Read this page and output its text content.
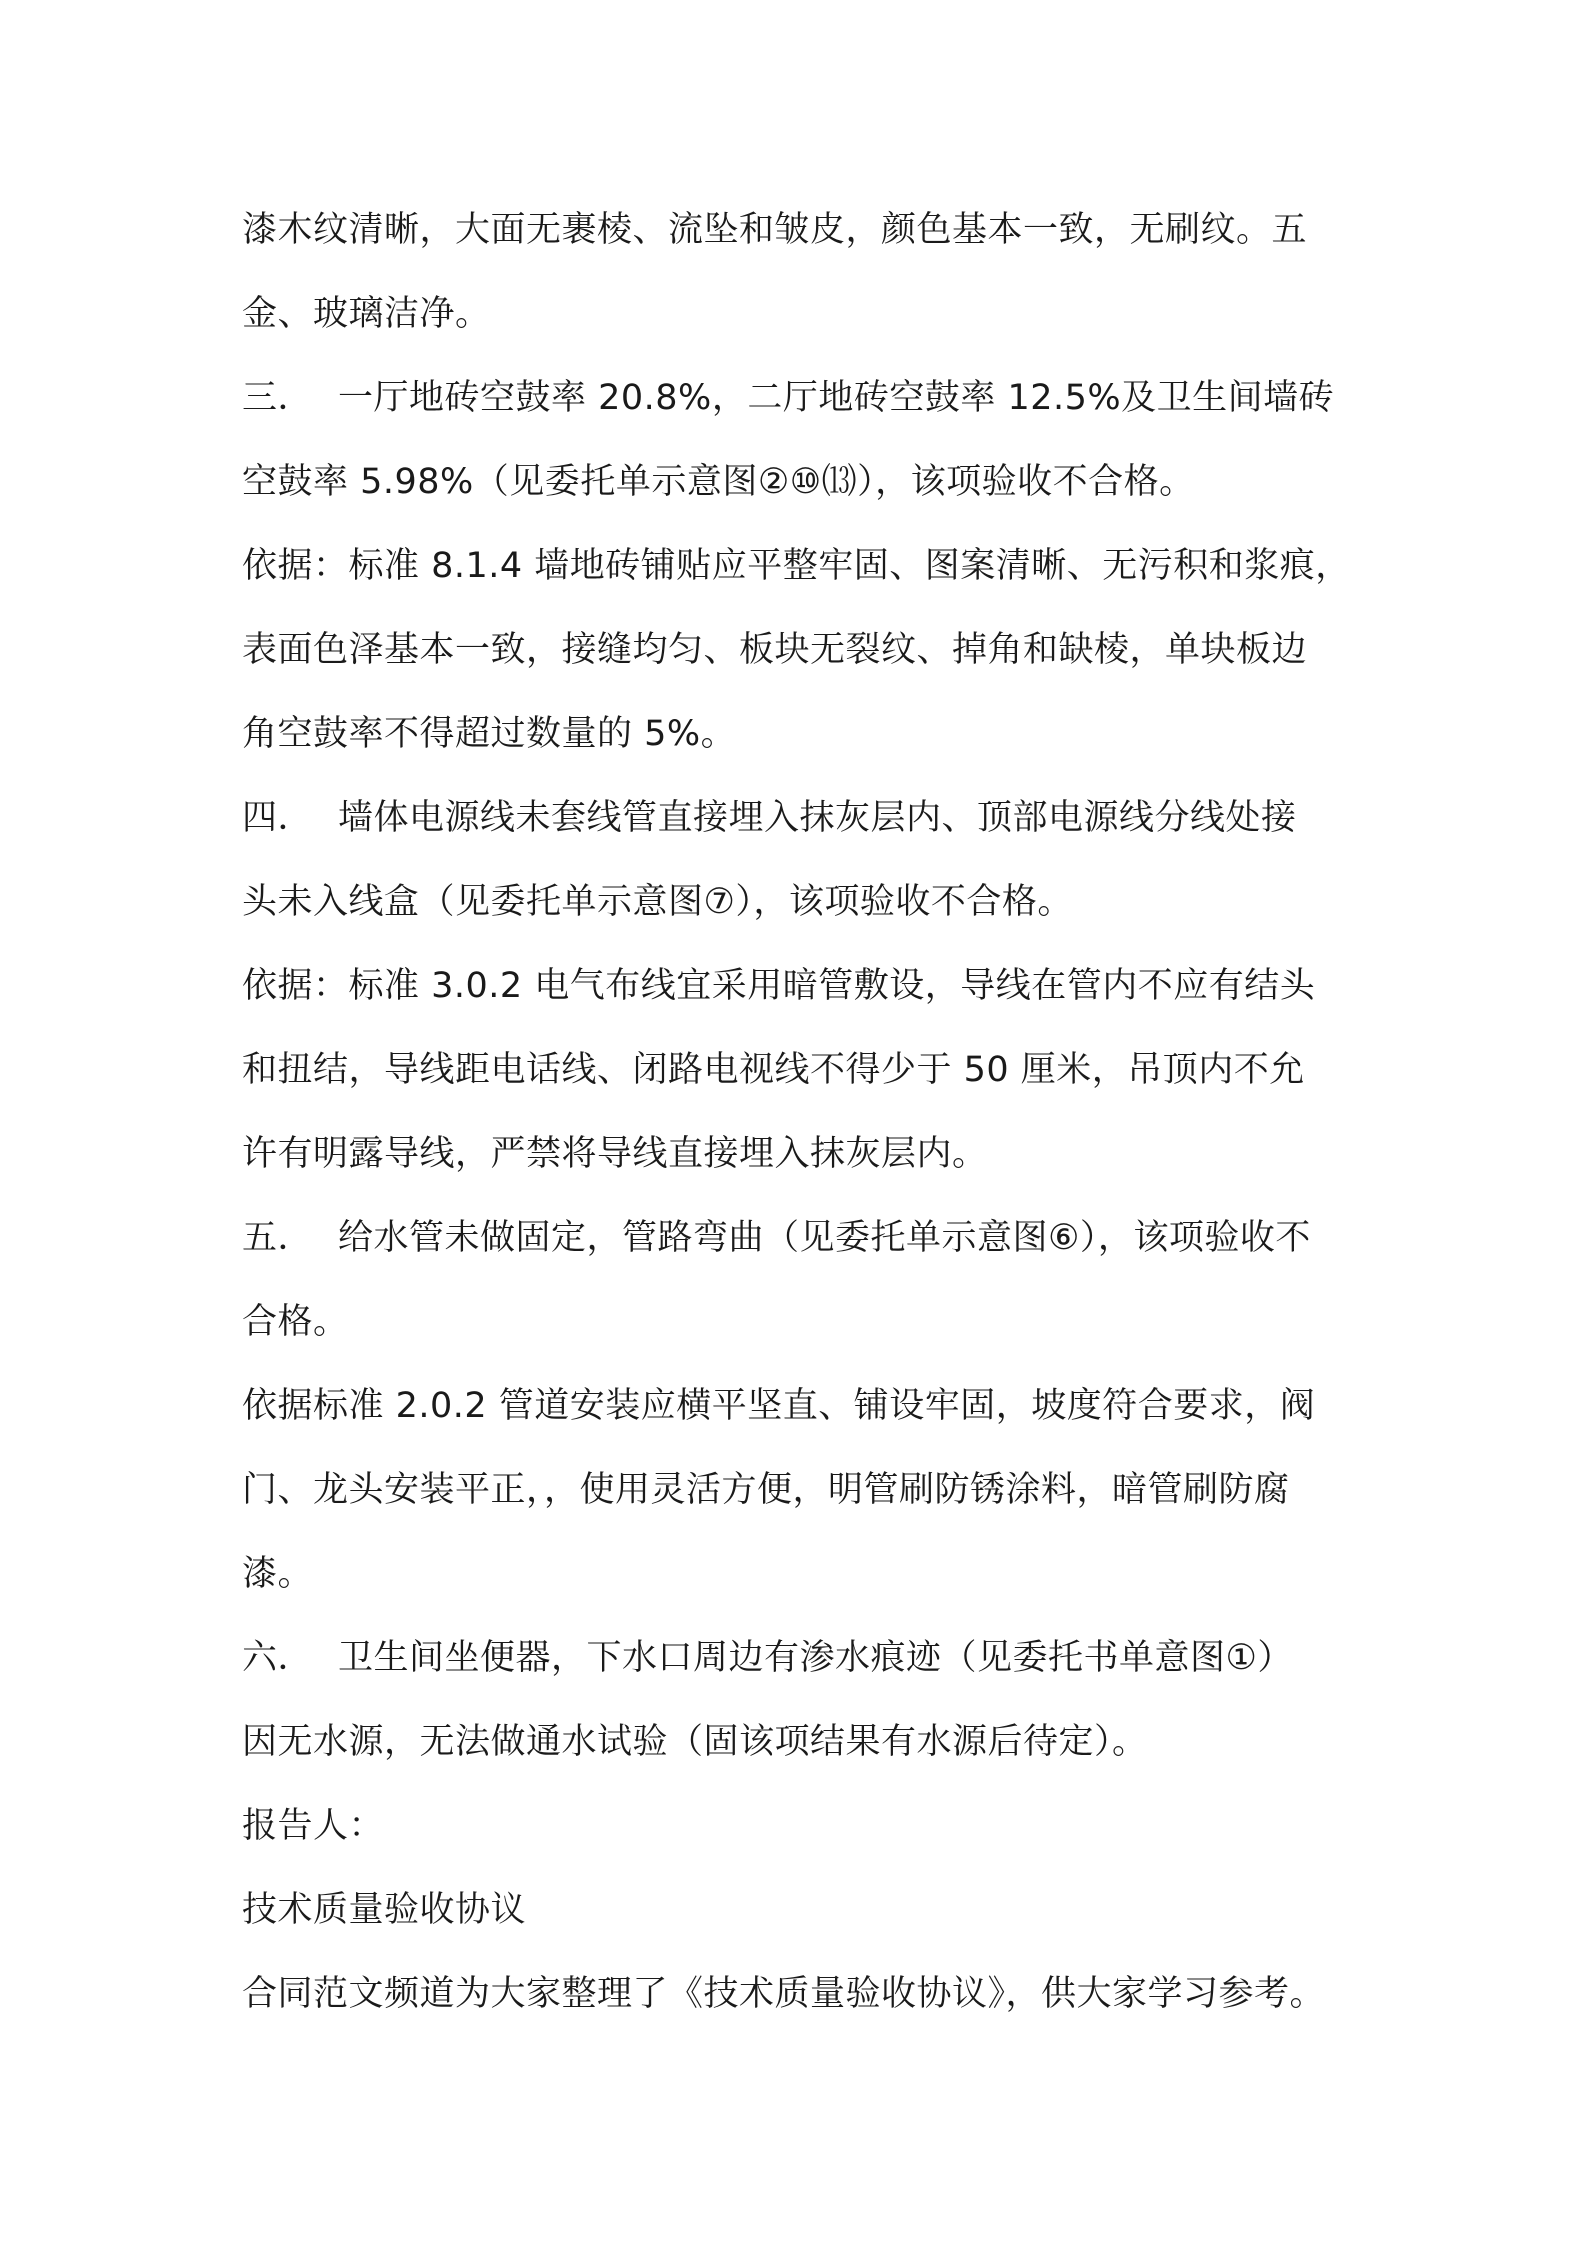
漆木纹清晰，大面无裹棱、流坠和皱皮，颜色基本一致，无刷纹。五
金、玻璃洁净。
三． 一厅地砖空鼓率 20.8%，二厅地砖空鼓率 12.5%及卫生间墙砖
空鼓率 5.98%（见委托单示意图②⑩⒀），该项验收不合格。
依据：标准 8.1.4 墙地砖铺贴应平整牢固、图案清晰、无污积和浆痕，
表面色泽基本一致，接缝均匀、板块无裂纹、掉角和缺棱，单块板边
角空鼓率不得超过数量的 5%。
四． 墙体电源线未套线管直接埋入抹灰层内、顶部电源线分线处接
头未入线盒（见委托单示意图⑦），该项验收不合格。
依据：标准 3.0.2 电气布线宜采用暗管敷设，导线在管内不应有结头
和扭结，导线距电话线、闭路电视线不得少于 50 厘米，吊顶内不允
许有明露导线，严禁将导线直接埋入抹灰层内。
五． 给水管未做固定，管路弯曲（见委托单示意图⑥），该项验收不
合格。
依据标准 2.0.2 管道安装应横平坚直、铺设牢固，坡度符合要求，阀
门、龙头安装平正，，使用灵活方便，明管刷防锈涂料，暗管刷防腐
漆。
六． 卫生间坐便器，下水口周边有渗水痕迹（见委托书单意图①）
因无水源，无法做通水试验（固该项结果有水源后待定）。
报告人：
技术质量验收协议
合同范文频道为大家整理了《技术质量验收协议》，供大家学习参考。
